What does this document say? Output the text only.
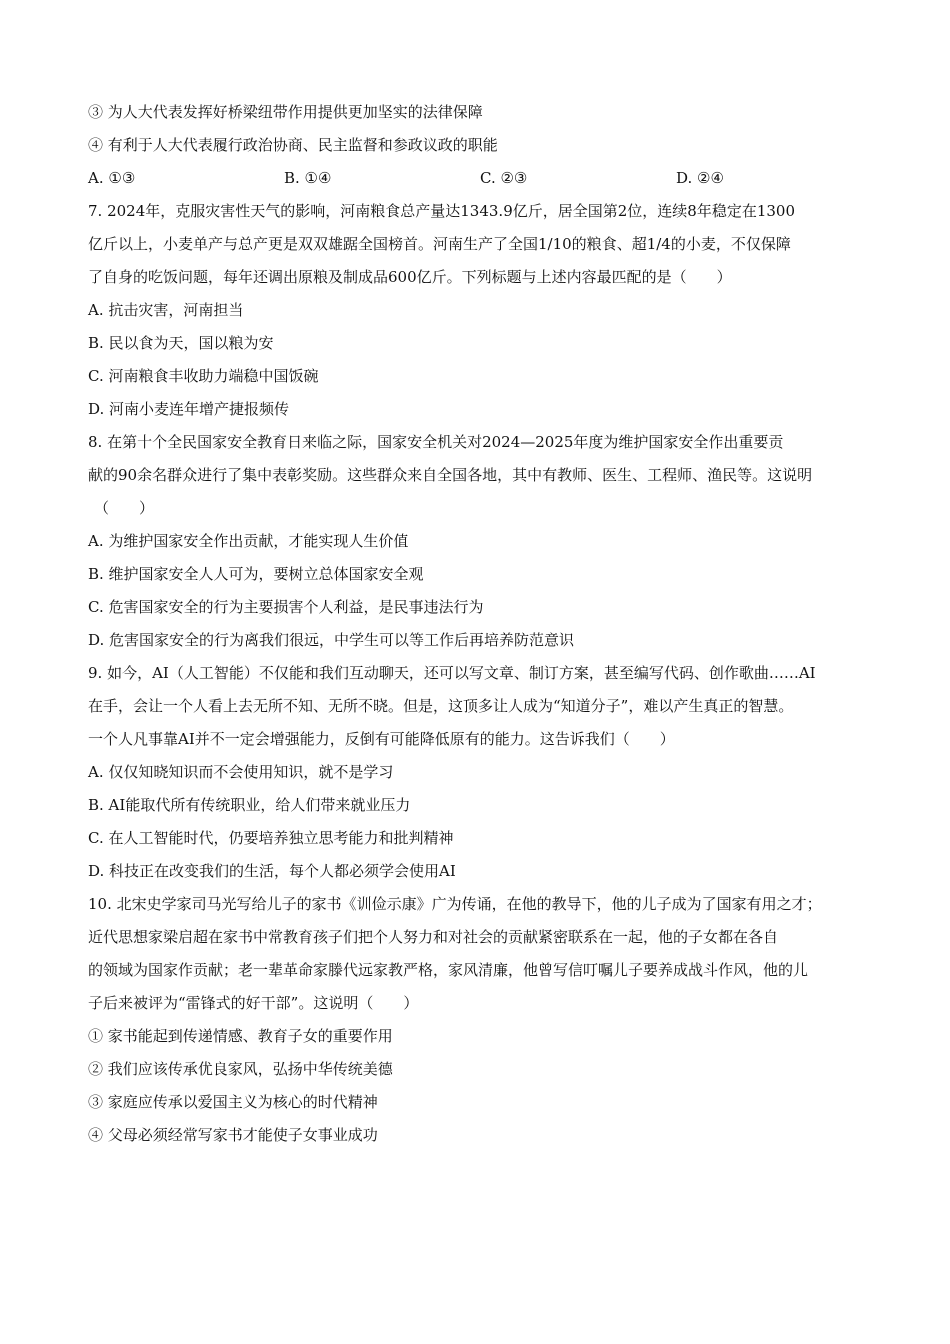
③ 为人大代表发挥好桥梁纽带作用提供更加坚实的法律保障
④ 有利于人大代表履行政治协商、民主监督和参政议政的职能
A. ①③	B. ①④	C. ②③	D. ②④
7. 2024年，克服灾害性天气的影响，河南粮食总产量达1343.9亿斤，居全国第2位，连续8年稳定在1300
亿斤以上，小麦单产与总产更是双双雄踞全国榜首。河南生产了全国1/10的粮食、超1/4的小麦，不仅保障
了自身的吃饭问题，每年还调出原粮及制成品600亿斤。下列标题与上述内容最匹配的是（　　）
A. 抗击灾害，河南担当
B. 民以食为天，国以粮为安
C. 河南粮食丰收助力端稳中国饭碗
D. 河南小麦连年增产捷报频传
8. 在第十个全民国家安全教育日来临之际，国家安全机关对2024—2025年度为维护国家安全作出重要贡
献的90余名群众进行了集中表彰奖励。这些群众来自全国各地，其中有教师、医生、工程师、渔民等。这说明
（　　）
A. 为维护国家安全作出贡献，才能实现人生价值
B. 维护国家安全人人可为，要树立总体国家安全观
C. 危害国家安全的行为主要损害个人利益，是民事违法行为
D. 危害国家安全的行为离我们很远，中学生可以等工作后再培养防范意识
9. 如今，AI（人工智能）不仅能和我们互动聊天，还可以写文章、制订方案，甚至编写代码、创作歌曲……AI
在手，会让一个人看上去无所不知、无所不晓。但是，这顶多让人成为“知道分子”，难以产生真正的智慧。
一个人凡事靠AI并不一定会增强能力，反倒有可能降低原有的能力。这告诉我们（　　）
A. 仅仅知晓知识而不会使用知识，就不是学习
B. AI能取代所有传统职业，给人们带来就业压力
C. 在人工智能时代，仍要培养独立思考能力和批判精神
D. 科技正在改变我们的生活，每个人都必须学会使用AI
10. 北宋史学家司马光写给儿子的家书《训俭示康》广为传诵，在他的教导下，他的儿子成为了国家有用之才；
近代思想家梁启超在家书中常教育孩子们把个人努力和对社会的贡献紧密联系在一起，他的子女都在各自
的领域为国家作贡献；老一辈革命家滕代远家教严格，家风清廉，他曾写信叮嘱儿子要养成战斗作风，他的儿
子后来被评为“雷锋式的好干部”。这说明（　　）
① 家书能起到传递情感、教育子女的重要作用
② 我们应该传承优良家风，弘扬中华传统美德
③ 家庭应传承以爱国主义为核心的时代精神
④ 父母必须经常写家书才能使子女事业成功
